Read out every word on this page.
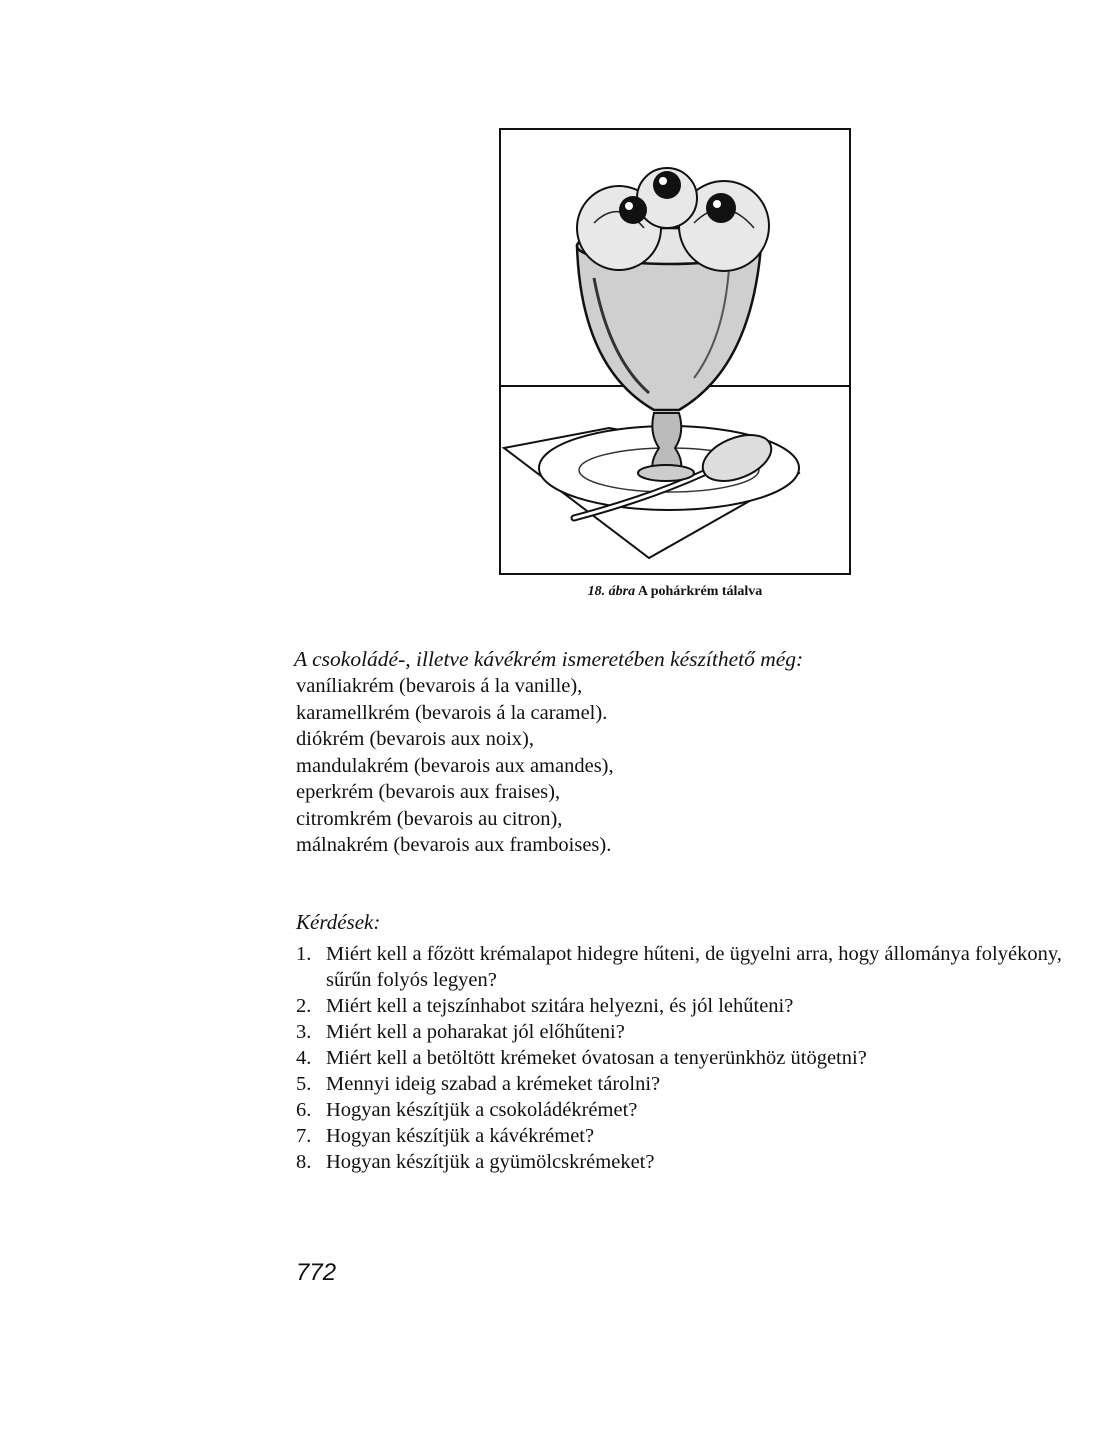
18. ábra A pohárkrém tálalva
A csokoládé-, illetve kávékrém ismeretében készíthető még:
vaníliakrém (bevarois á la vanille),
karamellkrém (bevarois á la caramel).
diókrém (bevarois aux noix),
mandulakrém (bevarois aux amandes),
eperkrém (bevarois aux fraises),
citromkrém (bevarois au citron),
málnakrém (bevarois aux framboises).
Kérdések:
1. Miért kell a főzött krémalapot hidegre hűteni, de ügyelni arra, hogy állománya folyékony, sűrűn folyós legyen?
2. Miért kell a tejszínhabot szitára helyezni, és jól lehűteni?
3. Miért kell a poharakat jól előhűteni?
4. Miért kell a betöltött krémeket óvatosan a tenyerünkhöz ütögetni?
5. Mennyi ideig szabad a krémeket tárolni?
6. Hogyan készítjük a csokoládékrémet?
7. Hogyan készítjük a kávékrémet?
8. Hogyan készítjük a gyümölcskrémeket?
772
